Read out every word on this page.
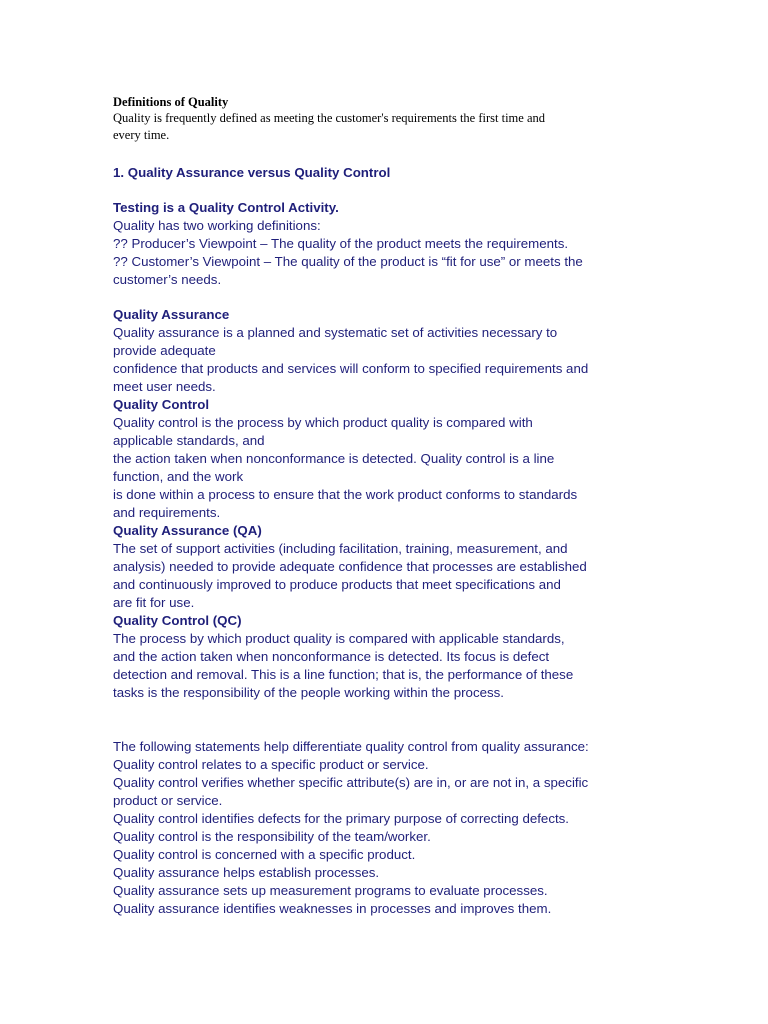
Definitions of Quality

Quality is frequently defined as meeting the customer's requirements the first time and

every time.

1. Quality Assurance versus Quality Control

Testing is a Quality Control Activity.

Quality has two working definitions:

?? Producer’s Viewpoint – The quality of the product meets the requirements.

?? Customer’s Viewpoint – The quality of the product is “fit for use” or meets the

customer’s needs.

Quality Assurance

Quality assurance is a planned and systematic set of activities necessary to

provide adequate

confidence that products and services will conform to specified requirements and

meet user needs.

Quality Control

Quality control is the process by which product quality is compared with

applicable standards, and

the action taken when nonconformance is detected. Quality control is a line

function, and the work

is done within a process to ensure that the work product conforms to standards

and requirements.

Quality Assurance (QA)

The set of support activities (including facilitation, training, measurement, and

analysis) needed to provide adequate confidence that processes are established

and continuously improved to produce products that meet specifications and

are fit for use.

Quality Control (QC)

The process by which product quality is compared with applicable standards,

and the action taken when nonconformance is detected. Its focus is defect

detection and removal. This is a line function; that is, the performance of these

tasks is the responsibility of the people working within the process.

The following statements help differentiate quality control from quality assurance:

Quality control relates to a specific product or service.

Quality control verifies whether specific attribute(s) are in, or are not in, a specific

product or service.

Quality control identifies defects for the primary purpose of correcting defects.

Quality control is the responsibility of the team/worker.

Quality control is concerned with a specific product.

Quality assurance helps establish processes.

Quality assurance sets up measurement programs to evaluate processes.

Quality assurance identifies weaknesses in processes and improves them.
